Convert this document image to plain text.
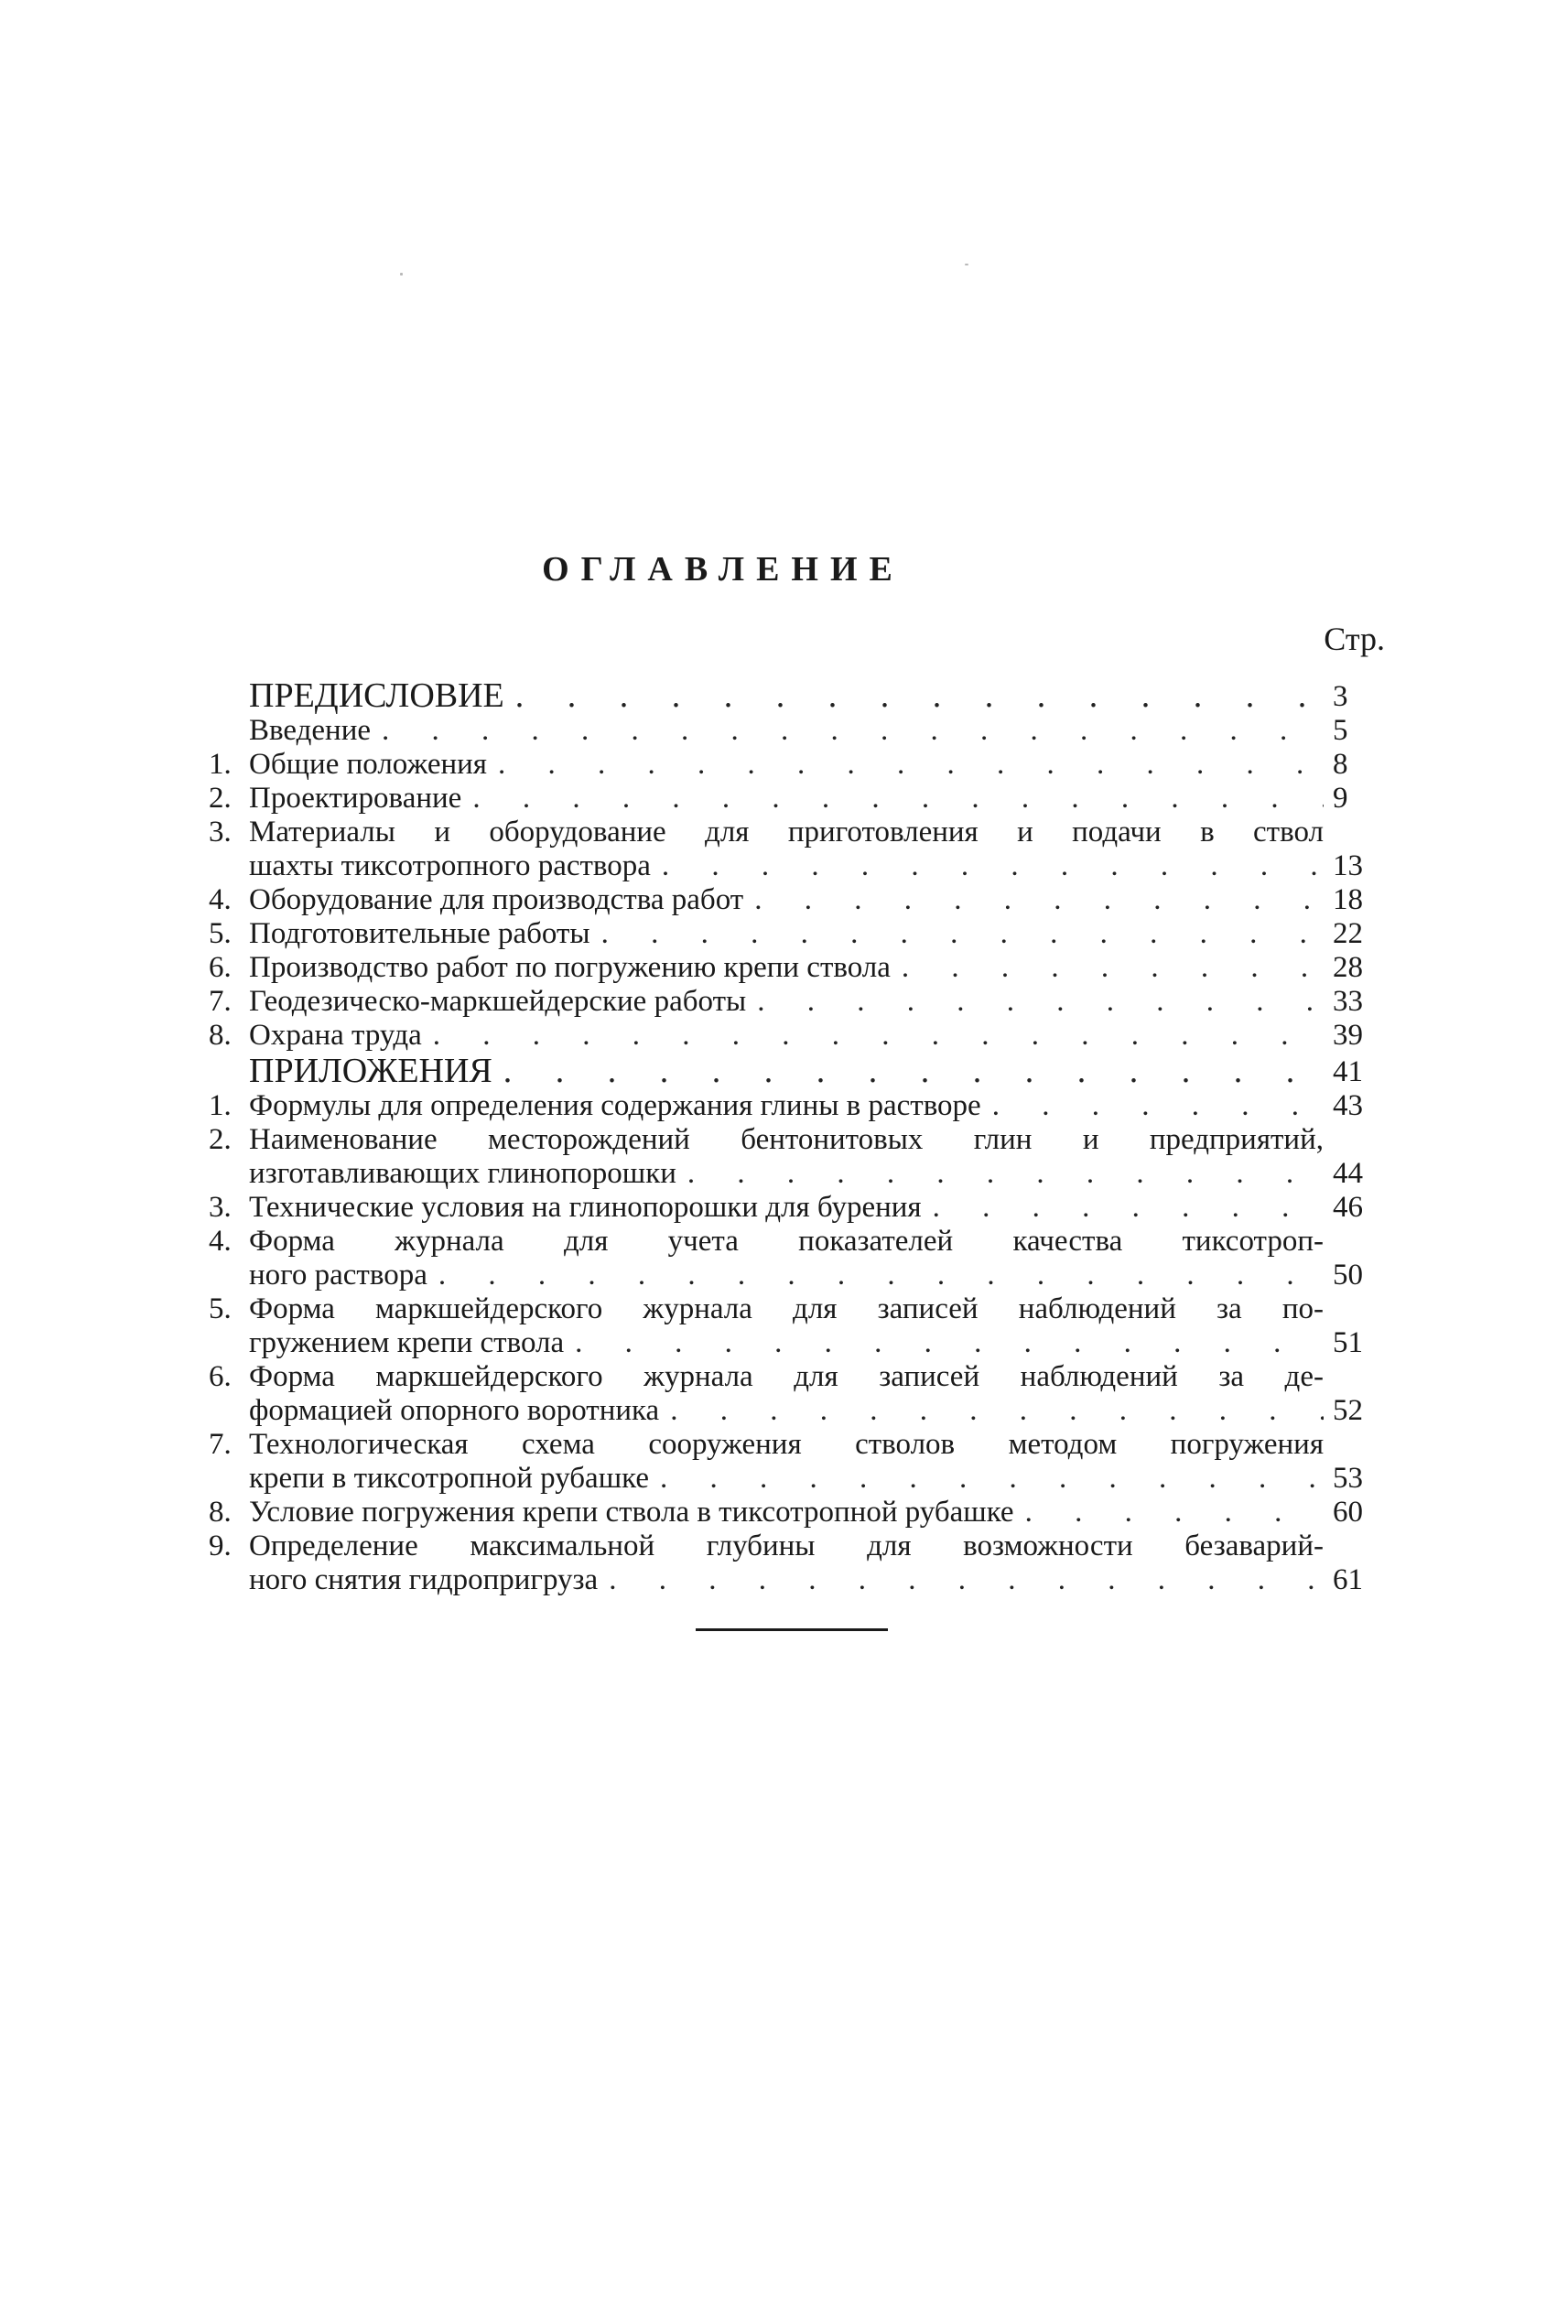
ОГЛАВЛЕНИЕ
Стр.
ПРЕДИСЛОВИЕ . . .	3
Введение . . .	5
1. Общие положения . . .	8
2. Проектирование . . .	9
3. Материалы и оборудование для приготовления и подачи в ствол
шахты тиксотропного раствора . . .	13
4. Оборудование для производства работ . . .	18
5. Подготовительные работы . . .	22
6. Производство работ по погружению крепи ствола . . .	28
7. Геодезическо-маркшейдерские работы . . .	33
8. Охрана труда . . .	39
ПРИЛОЖЕНИЯ . . .	41
1. Формулы для определения содержания глины в растворе . . .	43
2. Наименование месторождений бентонитовых глин и предприятий,
изготавливающих глинопорошки . . .	44
3. Технические условия на глинопорошки для бурения . . .	46
4. Форма журнала для учета показателей качества тиксотроп-
ного раствора . . .	50
5. Форма маркшейдерского журнала для записей наблюдений за по-
гружением крепи ствола . . .	51
6. Форма маркшейдерского журнала для записей наблюдений за де-
формацией опорного воротника . . .	52
7. Технологическая схема сооружения стволов методом погружения
крепи в тиксотропной рубашке . . .	53
8. Условие погружения крепи ствола в тиксотропной рубашке . . .	60
9. Определение максимальной глубины для возможности безаварий-
ного снятия гидропригруза . . .	61
